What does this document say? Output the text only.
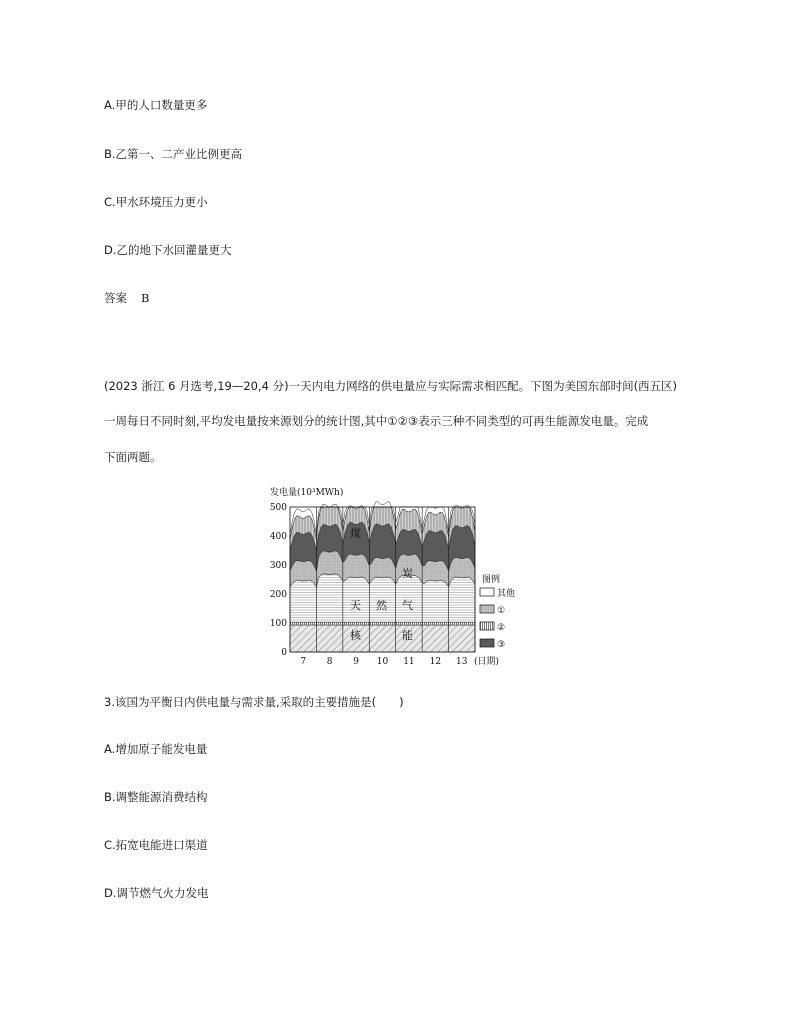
A.甲的人口数量更多
B.乙第一、二产业比例更高
C.甲水环境压力更小
D.乙的地下水回灌量更大
答案 B
(2023 浙江 6 月选考,19—20,4 分)一天内电力网络的供电量应与实际需求相匹配。下图为美国东部时间(西五区)
一周每日不同时刻,平均发电量按来源划分的统计图,其中①②③表示三种不同类型的可再生能源发电量。完成
下面两题。
发电量(10³MWh)
0
100
200
300
400
500
7 8 9 10 11 12 13 (日期)
煤
炭
天 然 气
核	能
图例
其他
①
②
③
3.该国为平衡日内供电量与需求量,采取的主要措施是(　　)
A.增加原子能发电量
B.调整能源消费结构
C.拓宽电能进口渠道
D.调节燃气火力发电
